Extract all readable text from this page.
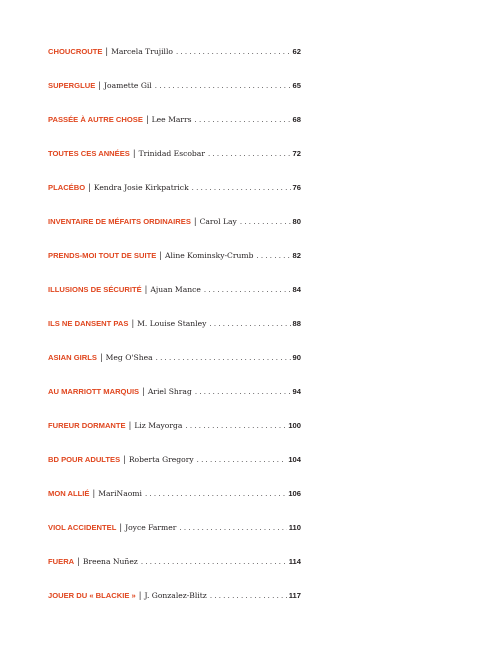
CHOUCROUTE | Marcela Trujillo . . .	62
SUPERGLUE | Joamette Gil . . .	65
PASSÉE À AUTRE CHOSE | Lee Marrs . . .	68
TOUTES CES ANNÉES | Trinidad Escobar . . .	72
PLACÉBO | Kendra Josie Kirkpatrick . . .	76
INVENTAIRE DE MÉFAITS ORDINAIRES | Carol Lay . . .	80
PRENDS-MOI TOUT DE SUITE | Aline Kominsky-Crumb . . .	82
ILLUSIONS DE SÉCURITÉ | Ajuan Mance . . .	84
ILS NE DANSENT PAS | M. Louise Stanley . . .	88
ASIAN GIRLS | Meg O'Shea . . .	90
AU MARRIOTT MARQUIS | Ariel Shrag . . .	94
FUREUR DORMANTE | Liz Mayorga . . .	100
BD POUR ADULTES | Roberta Gregory . . .	104
MON ALLIÉ | MariNaomi . . .	106
VIOL ACCIDENTEL | Joyce Farmer . . .	110
FUERA | Breena Nuñez . . .	114
JOUER DU « BLACKIE » | J. Gonzalez-Blitz . . .	117
